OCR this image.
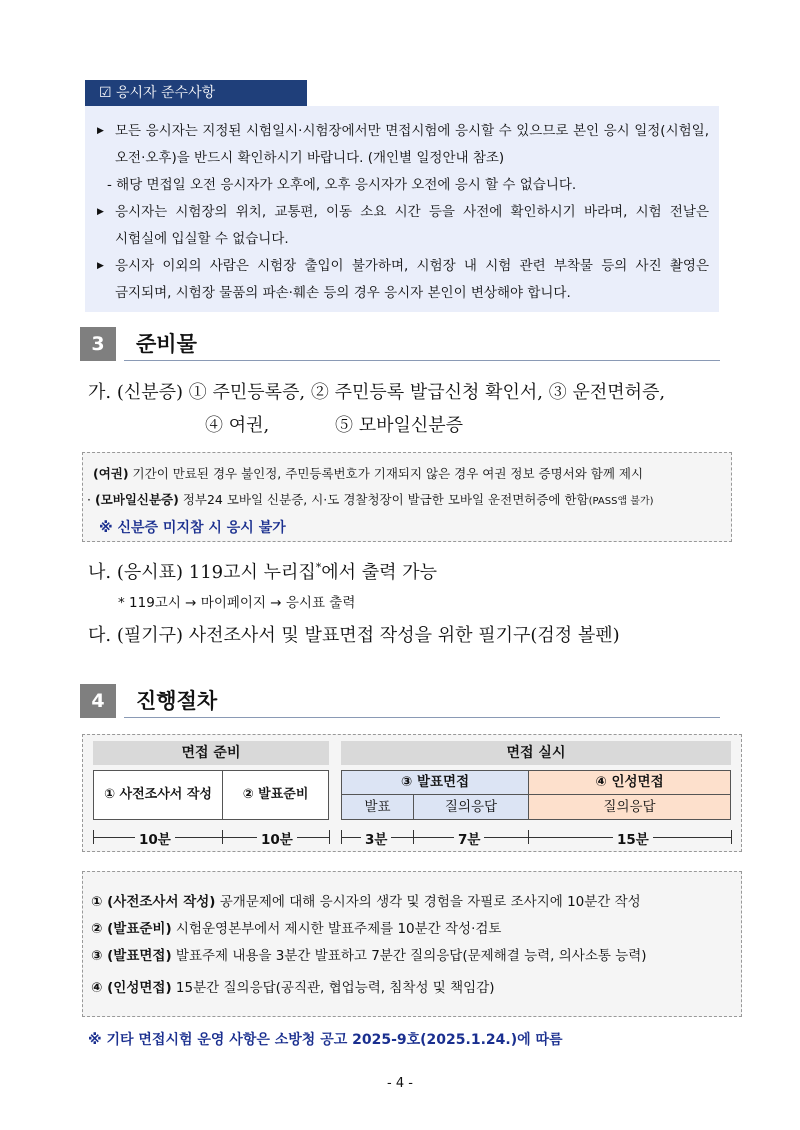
☑ 응시자 준수사항
▶ 모든 응시자는 지정된 시험일시·시험장에서만 면접시험에 응시할 수 있으므로 본인 응시 일정(시험일, 오전·오후)을 반드시 확인하시기 바랍니다. (개인별 일정안내 참조)
- 해당 면접일 오전 응시자가 오후에, 오후 응시자가 오전에 응시 할 수 없습니다.
▶ 응시자는 시험장의 위치, 교통편, 이동 소요 시간 등을 사전에 확인하시기 바라며, 시험 전날은 시험실에 입실할 수 없습니다.
▶ 응시자 이외의 사람은 시험장 출입이 불가하며, 시험장 내 시험 관련 부착물 등의 사진 촬영은 금지되며, 시험장 물품의 파손·훼손 등의 경우 응시자 본인이 변상해야 합니다.
3	준비물
가. (신분증) ① 주민등록증, ② 주민등록 발급신청 확인서, ③ 운전면허증,
④ 여권,	⑤ 모바일신분증
(여권) 기간이 만료된 경우 불인정, 주민등록번호가 기재되지 않은 경우 여권 정보 증명서와 함께 제시
· (모바일신분증) 정부24 모바일 신분증, 시·도 경찰청장이 발급한 모바일 운전면허증에 한함(PASS앱 불가)
※ 신분증 미지참 시 응시 불가
나. (응시표) 119고시 누리집*에서 출력 가능
* 119고시 → 마이페이지 → 응시표 출력
다. (필기구) 사전조사서 및 발표면접 작성을 위한 필기구(검정 볼펜)
4	진행절차
면접 준비	면접 실시
① 사전조사서 작성	② 발표준비
③ 발표면접	④ 인성면접
발표	질의응답	질의응답
10분	10분	3분	7분	15분
① (사전조사서 작성) 공개문제에 대해 응시자의 생각 및 경험을 자필로 조사지에 10분간 작성
② (발표준비) 시험운영본부에서 제시한 발표주제를 10분간 작성·검토
③ (발표면접) 발표주제 내용을 3분간 발표하고 7분간 질의응답(문제해결 능력, 의사소통 능력)
④ (인성면접) 15분간 질의응답(공직관, 협업능력, 침착성 및 책임감)
※ 기타 면접시험 운영 사항은 소방청 공고 2025-9호(2025.1.24.)에 따름
- 4 -
